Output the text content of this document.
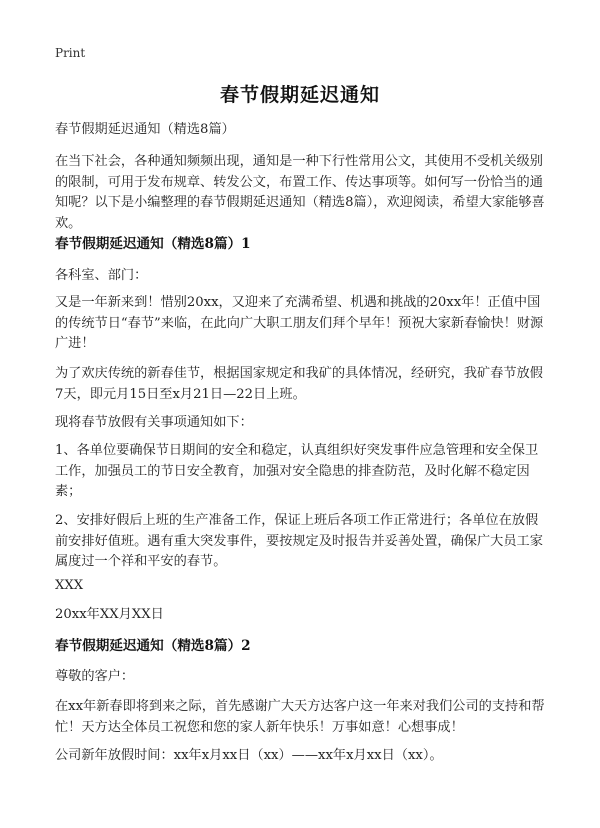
Print
春节假期延迟通知

春节假期延迟通知（精选8篇）

在当下社会，各种通知频频出现，通知是一种下行性常用公文，其使用不受机关级别的限制，可用于发布规章、转发公文，布置工作、传达事项等。如何写一份恰当的通知呢？以下是小编整理的春节假期延迟通知（精选8篇），欢迎阅读，希望大家能够喜欢。

春节假期延迟通知（精选8篇）1

各科室、部门：

又是一年新来到！惜别20xx，又迎来了充满希望、机遇和挑战的20xx年！正值中国的传统节日“春节”来临，在此向广大职工朋友们拜个早年！预祝大家新春愉快！财源广进！

为了欢庆传统的新春佳节，根据国家规定和我矿的具体情况，经研究，我矿春节放假7天，即元月15日至x月21日—22日上班。

现将春节放假有关事项通知如下：

1、各单位要确保节日期间的安全和稳定，认真组织好突发事件应急管理和安全保卫工作，加强员工的节日安全教育，加强对安全隐患的排查防范，及时化解不稳定因素；

2、安排好假后上班的生产准备工作，保证上班后各项工作正常进行；各单位在放假前安排好值班。遇有重大突发事件，要按规定及时报告并妥善处置，确保广大员工家属度过一个祥和平安的春节。

XXX

20xx年XX月XX日

春节假期延迟通知（精选8篇）2

尊敬的客户：

在xx年新春即将到来之际，首先感谢广大天方达客户这一年来对我们公司的支持和帮忙！天方达全体员工祝您和您的家人新年快乐！万事如意！心想事成！

公司新年放假时间：xx年x月xx日（xx）——xx年x月xx日（xx）。
